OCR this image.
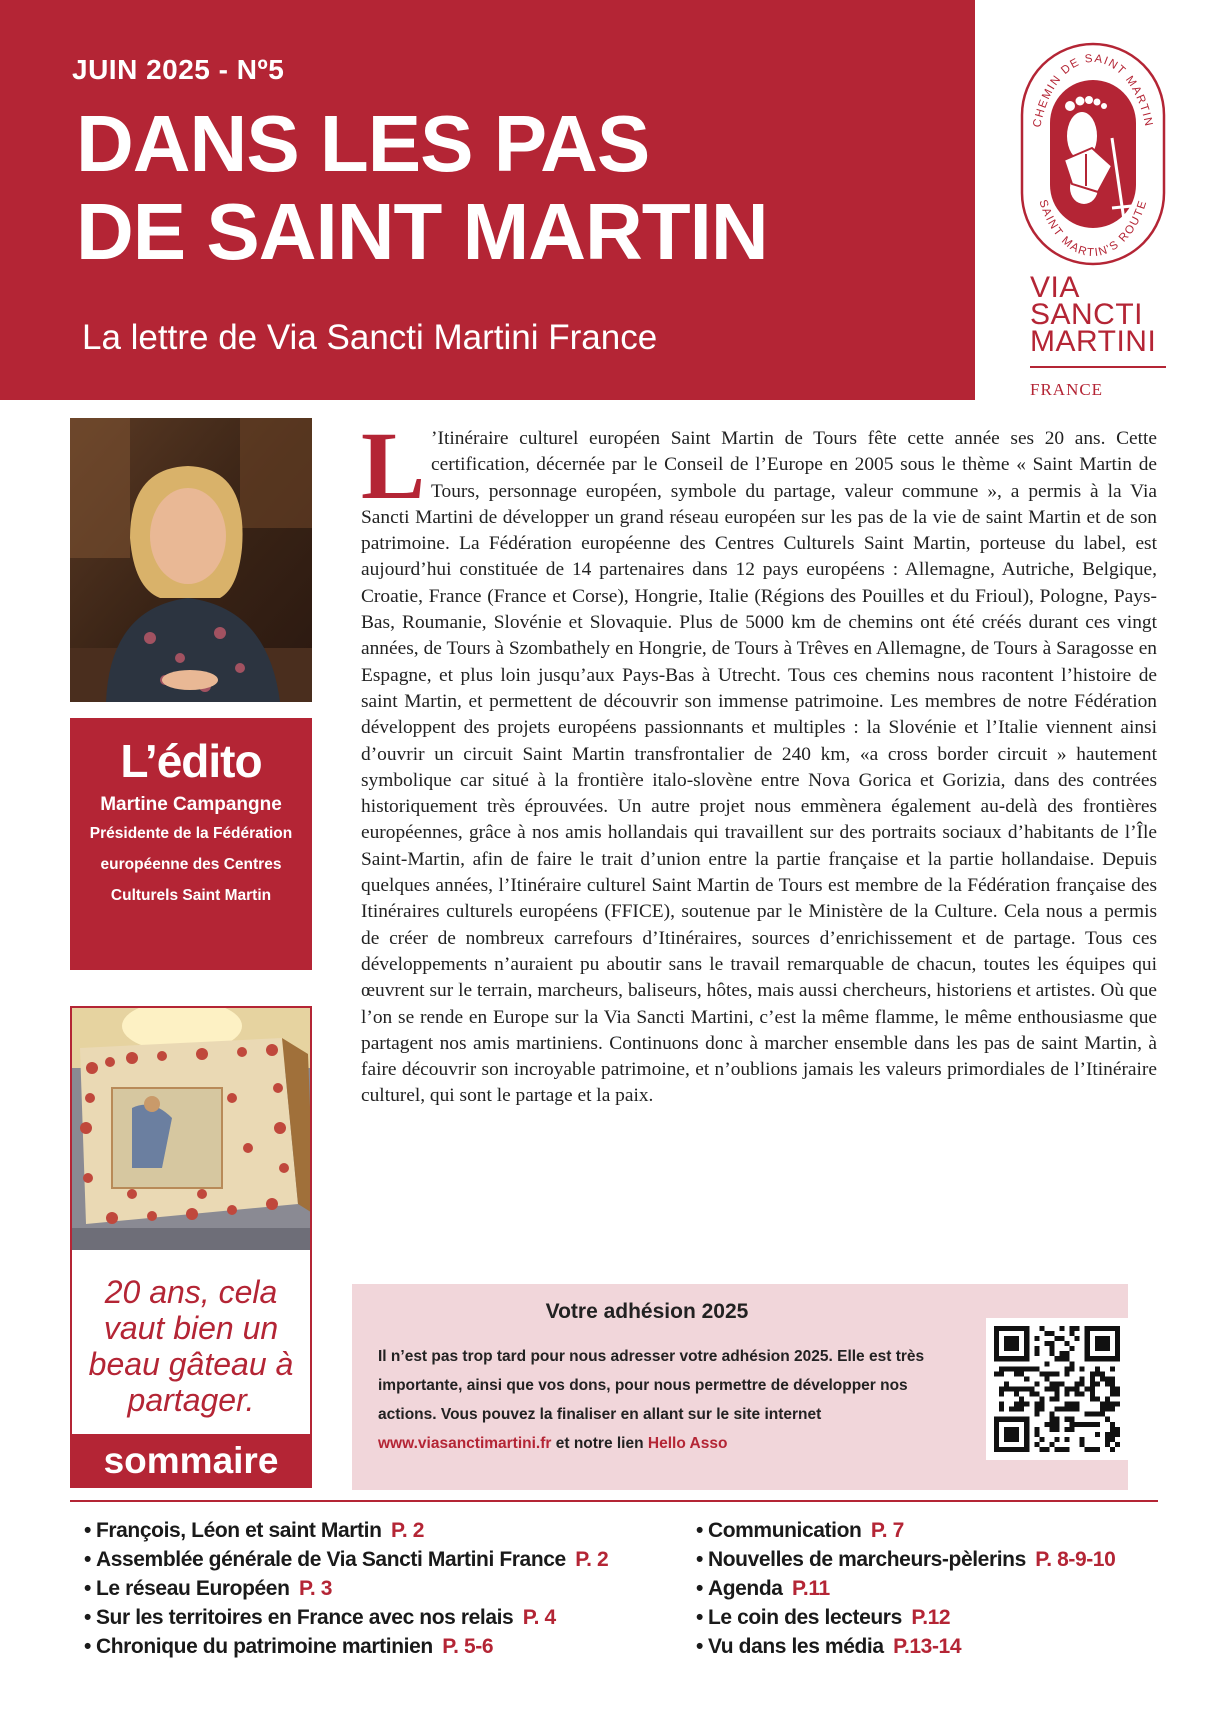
JUIN 2025 - Nº5
DANS LES PAS
DE SAINT MARTIN
La lettre de Via Sancti Martini France
CHEMIN DE SAINT MARTIN
SAINT MARTIN'S ROUTE
VIA
SANCTI
MARTINI
FRANCE
L’édito
Martine Campangne
Présidente de la Fédération européenne des Centres Culturels Saint Martin
20 ans, cela vaut bien un beau gâteau à partager.
sommaire
L ’Itinéraire culturel européen Saint Martin de Tours fête cette année ses 20 ans. Cette certification, décernée par le Conseil de l’Europe en 2005 sous le thème « Saint Martin de Tours, personnage européen, symbole du partage, valeur commune », a permis à la Via Sancti Martini de développer un grand réseau européen sur les pas de la vie de saint Martin et de son patrimoine. La Fédération européenne des Centres Culturels Saint Martin, porteuse du label, est aujourd’hui constituée de 14 partenaires dans 12 pays européens : Allemagne, Autriche, Belgique, Croatie, France (France et Corse), Hongrie, Italie (Régions des Pouilles et du Frioul), Pologne, Pays-Bas, Roumanie, Slovénie et Slovaquie. Plus de 5000 km de chemins ont été créés durant ces vingt années, de Tours à Szombathely en Hongrie, de Tours à Trêves en Allemagne, de Tours à Saragosse en Espagne, et plus loin jusqu’aux Pays-Bas à Utrecht. Tous ces chemins nous racontent l’histoire de saint Martin, et permettent de découvrir son immense patrimoine. Les membres de notre Fédération développent des projets européens passionnants et multiples : la Slovénie et l’Italie viennent ainsi d’ouvrir un circuit Saint Martin transfrontalier de 240 km, «a cross border circuit » hautement symbolique car situé à la frontière italo-slovène entre Nova Gorica et Gorizia, dans des contrées historiquement très éprouvées. Un autre projet nous emmènera également au-delà des frontières européennes, grâce à nos amis hollandais qui travaillent sur des portraits sociaux d’habitants de l’Île Saint-Martin, afin de faire le trait d’union entre la partie française et la partie hollandaise. Depuis quelques années, l’Itinéraire culturel Saint Martin de Tours est membre de la Fédération française des Itinéraires culturels européens (FFICE), soutenue par le Ministère de la Culture. Cela nous a permis de créer de nombreux carrefours d’Itinéraires, sources d’enrichissement et de partage. Tous ces développements n’auraient pu aboutir sans le travail remarquable de chacun, toutes les équipes qui œuvrent sur le terrain, marcheurs, baliseurs, hôtes, mais aussi chercheurs, historiens et artistes. Où que l’on se rende en Europe sur la Via Sancti Martini, c’est la même flamme, le même enthousiasme que partagent nos amis martiniens. Continuons donc à marcher ensemble dans les pas de saint Martin, à faire découvrir son incroyable patrimoine, et n’oublions jamais les valeurs primordiales de l’Itinéraire culturel, qui sont le partage et la paix.
Votre adhésion 2025
Il n’est pas trop tard pour nous adresser votre adhésion 2025. Elle est très importante, ainsi que vos dons, pour nous permettre de développer nos actions. Vous pouvez la finaliser en allant sur le site internet
www.viasanctimartini.fr et notre lien Hello Asso
• François, Léon et saint Martin P. 2
• Assemblée générale de Via Sancti Martini France P. 2
• Le réseau Européen P. 3
• Sur les territoires en France avec nos relais P. 4
• Chronique du patrimoine martinien P. 5-6
• Communication P. 7
• Nouvelles de marcheurs-pèlerins P. 8-9-10
• Agenda P.11
• Le coin des lecteurs P.12
• Vu dans les média P.13-14
